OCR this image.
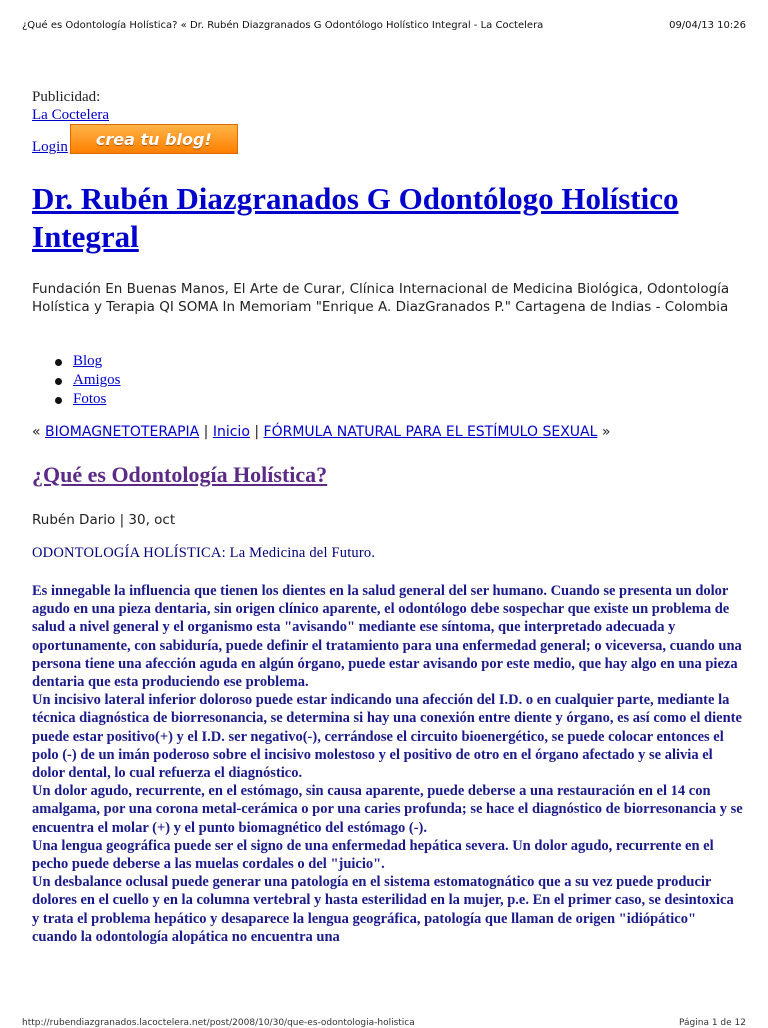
¿Qué es Odontología Holística? « Dr. Rubén Diazgranados G Odontólogo Holístico Integral - La Coctelera	09/04/13 10:26
Publicidad:
La Coctelera
Login	crea tu blog!
Dr. Rubén Diazgranados G Odontólogo Holístico Integral
Fundación En Buenas Manos, El Arte de Curar, Clínica Internacional de Medicina Biológica, Odontología Holística y Terapia QI SOMA In Memoriam "Enrique A. DiazGranados P." Cartagena de Indias - Colombia
Blog
Amigos
Fotos
« BIOMAGNETOTERAPIA | Inicio | FÓRMULA NATURAL PARA EL ESTÍMULO SEXUAL »
¿Qué es Odontología Holística?
Rubén Dario | 30, oct
ODONTOLOGÍA HOLÍSTICA: La Medicina del Futuro.

Es innegable la influencia que tienen los dientes en la salud general del ser humano. Cuando se presenta un dolor agudo en una pieza dentaria, sin origen clínico aparente, el odontólogo debe sospechar que existe un problema de salud a nivel general y el organismo esta "avisando" mediante ese síntoma, que interpretado adecuada y oportunamente, con sabiduría, puede definir el tratamiento para una enfermedad general; o viceversa, cuando una persona tiene una afección aguda en algún órgano, puede estar avisando por este medio, que hay algo en una pieza dentaria que esta produciendo ese problema.

Un incisivo lateral inferior doloroso puede estar indicando una afección del I.D. o en cualquier parte, mediante la técnica diagnóstica de biorresonancia, se determina si hay una conexión entre diente y órgano, es así como el diente puede estar positivo(+) y el I.D. ser negativo(-), cerrándose el circuito bioenergético, se puede colocar entonces el polo (-) de un imán poderoso sobre el incisivo molestoso y el positivo de otro en el órgano afectado y se alivia el dolor dental, lo cual refuerza el diagnóstico.

Un dolor agudo, recurrente, en el estómago, sin causa aparente, puede deberse a una restauración en el 14 con amalgama, por una corona metal-cerámica o por una caries profunda; se hace el diagnóstico de biorresonancia y se encuentra el molar (+) y el punto biomagnético del estómago (-).

Una lengua geográfica puede ser el signo de una enfermedad hepática severa. Un dolor agudo, recurrente en el pecho puede deberse a las muelas cordales o del "juicio".

Un desbalance oclusal puede generar una patología en el sistema estomatognático que a su vez puede producir dolores en el cuello y en la columna vertebral y hasta esterilidad en la mujer, p.e. En el primer caso, se desintoxica y trata el problema hepático y desaparece la lengua geográfica, patología que llaman de origen "idiópático" cuando la odontología alopática no encuentra una

http://rubendiazgranados.lacoctelera.net/post/2008/10/30/que-es-odontologia-holistica	Página 1 de 12
